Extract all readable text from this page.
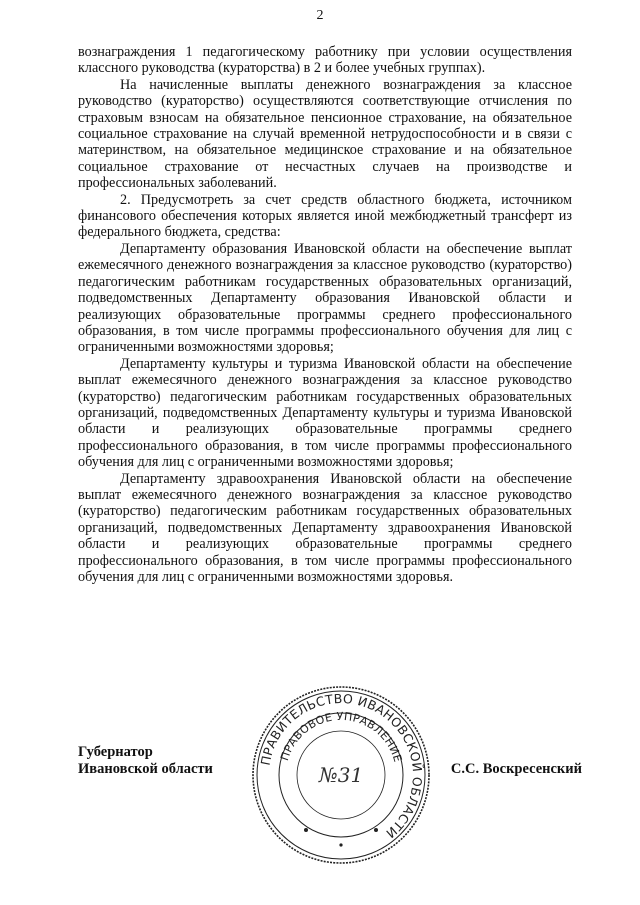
2

вознаграждения 1 педагогическому работнику при условии осуществления классного руководства (кураторства) в 2 и более учебных группах).

На начисленные выплаты денежного вознаграждения за классное руководство (кураторство) осуществляются соответствующие отчисления по страховым взносам на обязательное пенсионное страхование, на обязательное социальное страхование на случай временной нетрудоспособности и в связи с материнством, на обязательное медицинское страхование и на обязательное социальное страхование от несчастных случаев на производстве и профессиональных заболеваний.

2. Предусмотреть за счет средств областного бюджета, источником финансового обеспечения которых является иной межбюджетный трансферт из федерального бюджета, средства:

Департаменту образования Ивановской области на обеспечение выплат ежемесячного денежного вознаграждения за классное руководство (кураторство) педагогическим работникам государственных образовательных организаций, подведомственных Департаменту образования Ивановской области и реализующих образовательные программы среднего профессионального образования, в том числе программы профессионального обучения для лиц с ограниченными возможностями здоровья;

Департаменту культуры и туризма Ивановской области на обеспечение выплат ежемесячного денежного вознаграждения за классное руководство (кураторство) педагогическим работникам государственных образовательных организаций, подведомственных Департаменту культуры и туризма Ивановской области и реализующих образовательные программы среднего профессионального образования, в том числе программы профессионального обучения для лиц с ограниченными возможностями здоровья;

Департаменту здравоохранения Ивановской области на обеспечение выплат ежемесячного денежного вознаграждения за классное руководство (кураторство) педагогическим работникам государственных образовательных организаций, подведомственных Департаменту здравоохранения Ивановской области и реализующих образовательные программы среднего профессионального образования, в том числе программы профессионального обучения для лиц с ограниченными возможностями здоровья.

ПРАВИТЕЛЬСТВО ИВАНОВСКОЙ ОБЛАСТИ
ПРАВОВОЕ УПРАВЛЕНИЕ
№31
Губернатор
Ивановской области	С.С. Воскресенский
